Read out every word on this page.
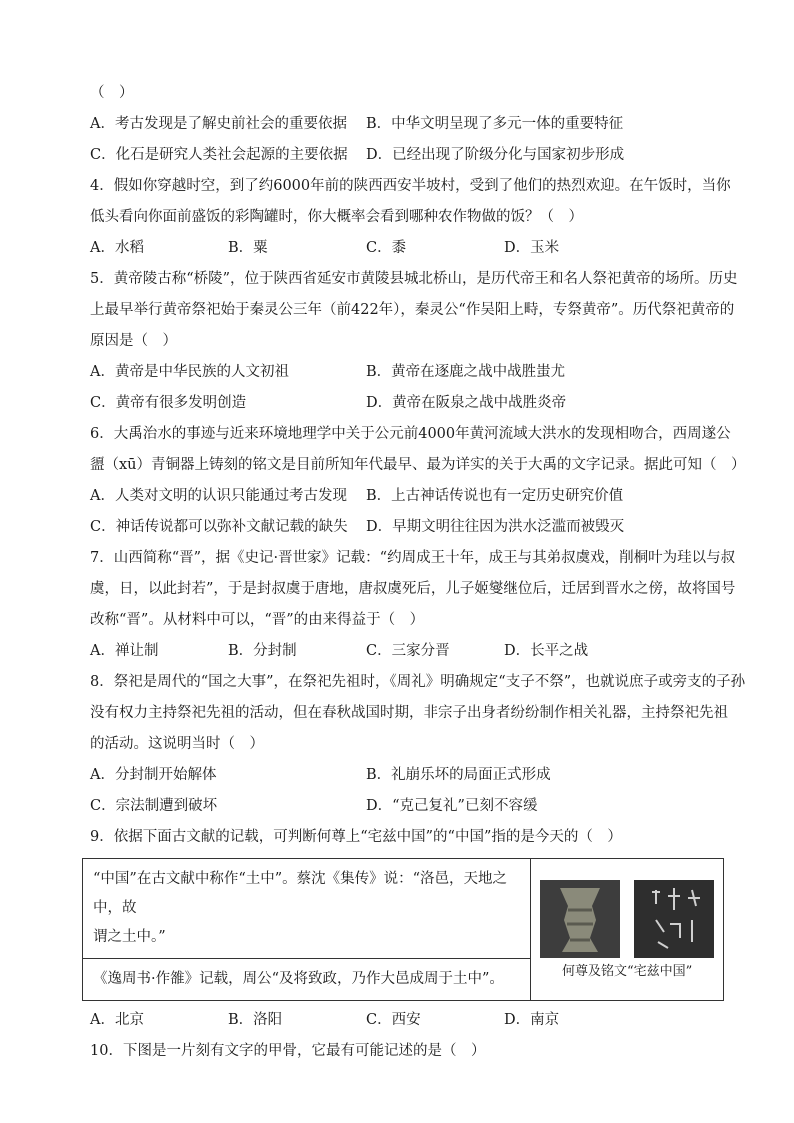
（　）
A．考古发现是了解史前社会的重要依据	B．中华文明呈现了多元一体的重要特征
C．化石是研究人类社会起源的主要依据	D．已经出现了阶级分化与国家初步形成
4．假如你穿越时空，到了约6000年前的陕西西安半坡村，受到了他们的热烈欢迎。在午饭时，当你
低头看向你面前盛饭的彩陶罐时，你大概率会看到哪种农作物做的饭？（　）
A．水稻	B．粟	C．黍	D．玉米
5．黄帝陵古称“桥陵”，位于陕西省延安市黄陵县城北桥山，是历代帝王和名人祭祀黄帝的场所。历史
上最早举行黄帝祭祀始于秦灵公三年（前422年），秦灵公“作吴阳上畤，专祭黄帝”。历代祭祀黄帝的
原因是（　）
A．黄帝是中华民族的人文初祖	B．黄帝在逐鹿之战中战胜蚩尤
C．黄帝有很多发明创造	D．黄帝在阪泉之战中战胜炎帝
6．大禹治水的事迹与近来环境地理学中关于公元前4000年黄河流域大洪水的发现相吻合，西周遂公
盨（xū）青铜器上铸刻的铭文是目前所知年代最早、最为详实的关于大禹的文字记录。据此可知（　）
A．人类对文明的认识只能通过考古发现	B．上古神话传说也有一定历史研究价值
C．神话传说都可以弥补文献记载的缺失	D．早期文明往往因为洪水泛滥而被毁灭
7．山西简称“晋”，据《史记·晋世家》记载：“约周成王十年，成王与其弟叔虞戏，削桐叶为珪以与叔
虞，日，以此封若”，于是封叔虞于唐地，唐叔虞死后，儿子姬燮继位后，迁居到晋水之傍，故将国号
改称“晋”。从材料中可以，“晋”的由来得益于（　）
A．禅让制	B．分封制	C．三家分晋	D．长平之战
8．祭祀是周代的“国之大事”，在祭祀先祖时，《周礼》明确规定“支子不祭”，也就说庶子或旁支的子孙
没有权力主持祭祀先祖的活动，但在春秋战国时期，非宗子出身者纷纷制作相关礼器，主持祭祀先祖
的活动。这说明当时（　）
A．分封制开始解体	B．礼崩乐坏的局面正式形成
C．宗法制遭到破坏	D．“克己复礼”已刻不容缓
9．依据下面古文献的记载，可判断何尊上“宅兹中国”的“中国”指的是今天的（　）
“中国”在古文献中称作“土中”。蔡沈《集传》说：“洛邑，天地之中，故
谓之土中。”

何尊及铭文“宅兹中国”

《逸周书·作雒》记载，周公“及将致政，乃作大邑成周于土中”。
A．北京	B．洛阳	C．西安	D．南京
10．下图是一片刻有文字的甲骨，它最有可能记述的是（　）
